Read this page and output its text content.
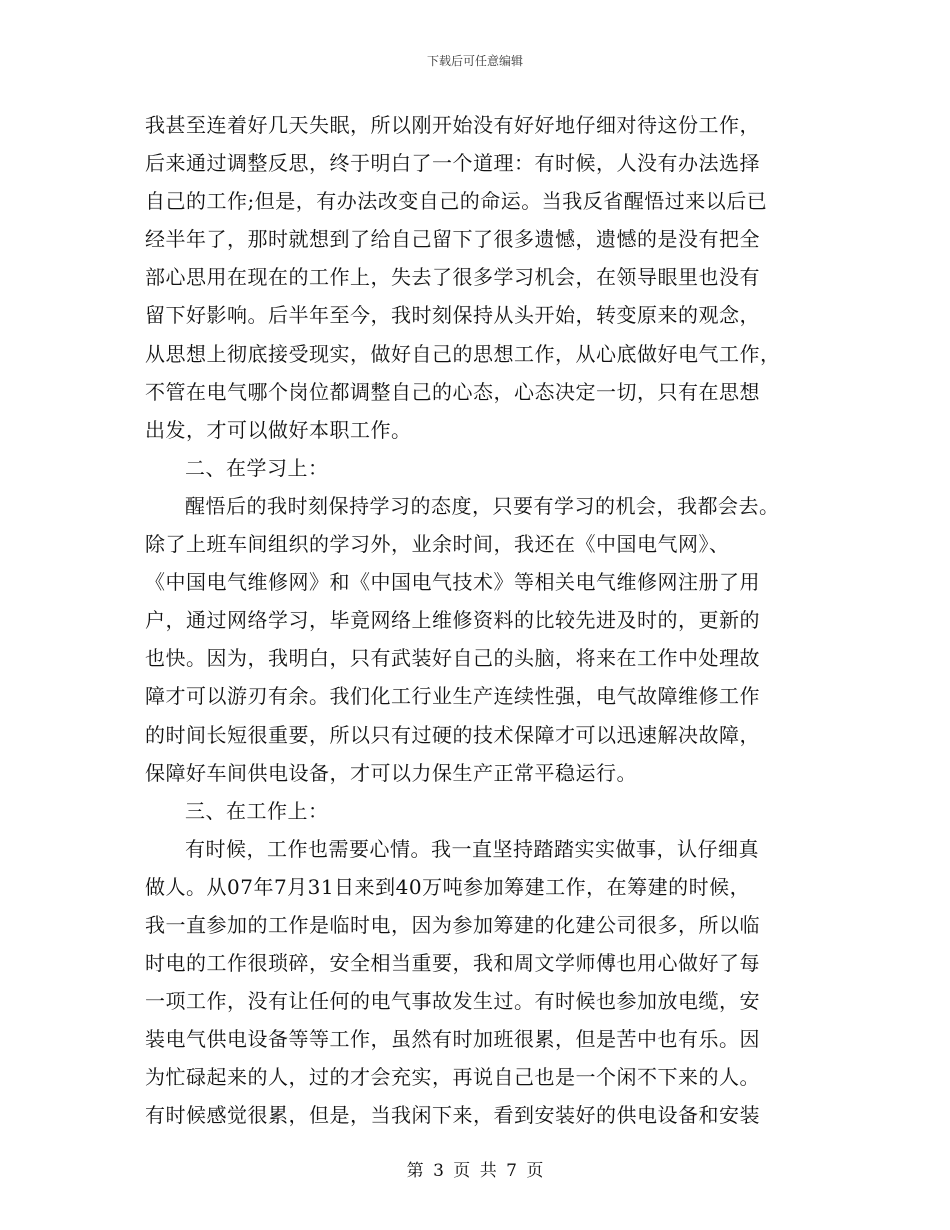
下载后可任意编辑
我甚至连着好几天失眠，所以刚开始没有好好地仔细对待这份工作，
后来通过调整反思，终于明白了一个道理：有时候，人没有办法选择
自己的工作;但是，有办法改变自己的命运。当我反省醒悟过来以后已
经半年了，那时就想到了给自己留下了很多遗憾，遗憾的是没有把全
部心思用在现在的工作上，失去了很多学习机会，在领导眼里也没有
留下好影响。后半年至今，我时刻保持从头开始，转变原来的观念，
从思想上彻底接受现实，做好自己的思想工作，从心底做好电气工作，
不管在电气哪个岗位都调整自己的心态，心态决定一切，只有在思想
出发，才可以做好本职工作。
二、在学习上：
醒悟后的我时刻保持学习的态度，只要有学习的机会，我都会去。
除了上班车间组织的学习外，业余时间，我还在《中国电气网》、
《中国电气维修网》和《中国电气技术》等相关电气维修网注册了用
户，通过网络学习，毕竟网络上维修资料的比较先进及时的，更新的
也快。因为，我明白，只有武装好自己的头脑，将来在工作中处理故
障才可以游刃有余。我们化工行业生产连续性强，电气故障维修工作
的时间长短很重要，所以只有过硬的技术保障才可以迅速解决故障，
保障好车间供电设备，才可以力保生产正常平稳运行。
三、在工作上：
有时候，工作也需要心情。我一直坚持踏踏实实做事，认仔细真
做人。从07年7月31日来到40万吨参加筹建工作，在筹建的时候，
我一直参加的工作是临时电，因为参加筹建的化建公司很多，所以临
时电的工作很琐碎，安全相当重要，我和周文学师傅也用心做好了每
一项工作，没有让任何的电气事故发生过。有时候也参加放电缆，安
装电气供电设备等等工作，虽然有时加班很累，但是苦中也有乐。因
为忙碌起来的人，过的才会充实，再说自己也是一个闲不下来的人。
有时候感觉很累，但是，当我闲下来，看到安装好的供电设备和安装
第 3 页 共 7 页
